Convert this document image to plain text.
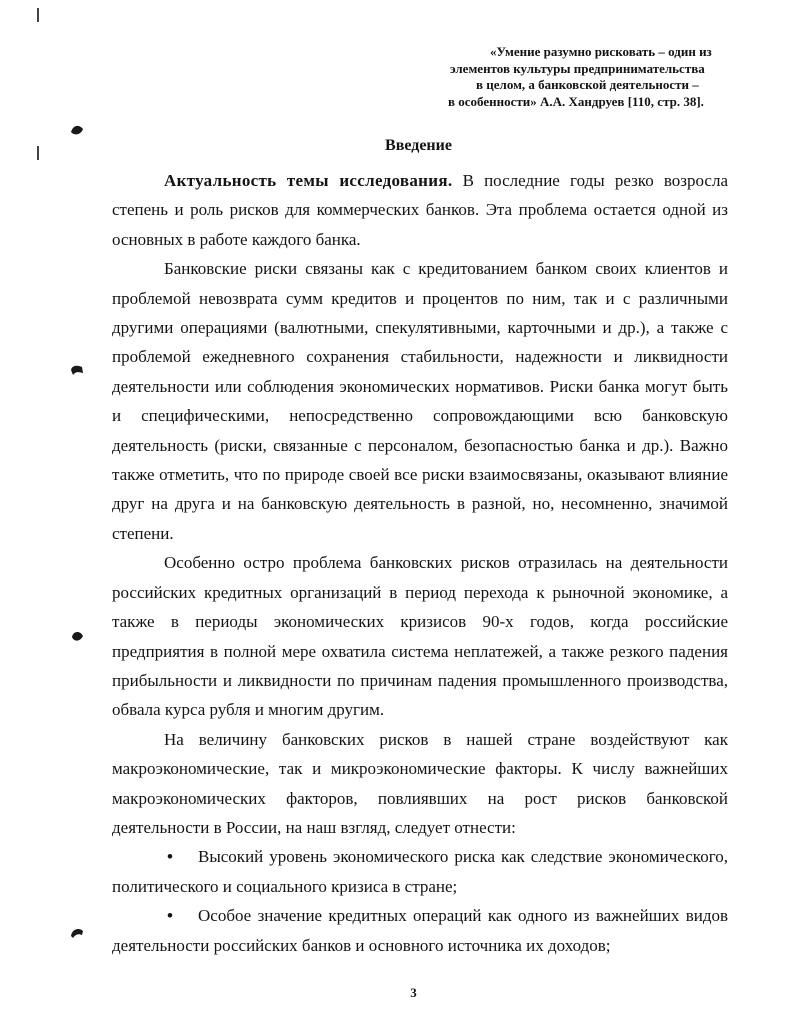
«Умение разумно рисковать – один из
элементов культуры предпринимательства
в целом, а банковской деятельности –
в особенности» А.А. Хандруев [110, стр. 38].
Введение

Актуальность темы исследования. В последние годы резко возросла степень и роль рисков для коммерческих банков. Эта проблема остается одной из основных в работе каждого банка.

Банковские риски связаны как с кредитованием банком своих клиентов и проблемой невозврата сумм кредитов и процентов по ним, так и с различными другими операциями (валютными, спекулятивными, карточными и др.), а также с проблемой ежедневного сохранения стабильности, надежности и ликвидности деятельности или соблюдения экономических нормативов. Риски банка могут быть и специфическими, непосредственно сопровождающими всю банковскую деятельность (риски, связанные с персоналом, безопасностью банка и др.). Важно также отметить, что по природе своей все риски взаимосвязаны, оказывают влияние друг на друга и на банковскую деятельность в разной, но, несомненно, значимой степени.

Особенно остро проблема банковских рисков отразилась на деятельности российских кредитных организаций в период перехода к рыночной экономике, а также в периоды экономических кризисов 90-х годов, когда российские предприятия в полной мере охватила система неплатежей, а также резкого падения прибыльности и ликвидности по причинам падения промышленного производства, обвала курса рубля и многим другим.

На величину банковских рисков в нашей стране воздействуют как макроэкономические, так и микроэкономические факторы. К числу важнейших макроэкономических факторов, повлиявших на рост рисков банковской деятельности в России, на наш взгляд, следует отнести:

• Высокий уровень экономического риска как следствие экономического, политического и социального кризиса в стране;

• Особое значение кредитных операций как одного из важнейших видов деятельности российских банков и основного источника их доходов;

3
